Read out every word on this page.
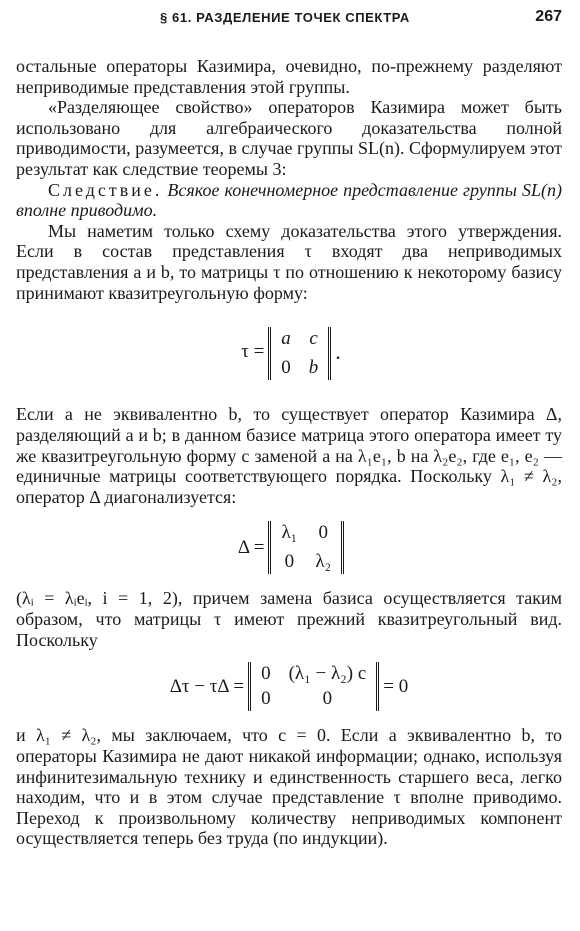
§ 61. РАЗДЕЛЕНИЕ ТОЧЕК СПЕКТРА	267

остальные операторы Казимира, очевидно, по-прежнему разделяют неприводимые представления этой группы.

«Разделяющее свойство» операторов Казимира может быть использовано для алгебраического доказательства полной приводимости, разумеется, в случае группы SL(n). Сформулируем этот результат как следствие теоремы 3:

Следствие. Всякое конечномерное представление группы SL(n) вполне приводимо.

Мы наметим только схему доказательства этого утверждения. Если в состав представления τ входят два неприводимых представления a и b, то матрицы τ по отношению к некоторому базису принимают квазитреугольную форму:

τ =
a c
0 b
.

Если a не эквивалентно b, то существует оператор Казимира Δ, разделяющий a и b; в данном базисе матрица этого оператора имеет ту же квазитреугольную форму с заменой a на λ₁e₁, b на λ₂e₂, где e₁, e₂ — единичные матрицы соответствующего порядка. Поскольку λ₁ ≠ λ₂, оператор Δ диагонализуется:

Δ =
λ₁ 0
0 λ₂

(λᵢ = λᵢeᵢ, i = 1, 2), причем замена базиса осуществляется таким образом, что матрицы τ имеют прежний квазитреугольный вид. Поскольку

Δτ − τΔ =
0 (λ₁ − λ₂) c
0	0
= 0

и λ₁ ≠ λ₂, мы заключаем, что c = 0. Если a эквивалентно b, то операторы Казимира не дают никакой информации; однако, используя инфинитезимальную технику и единственность старшего веса, легко находим, что и в этом случае представление τ вполне приводимо. Переход к произвольному количеству неприводимых компонент осуществляется теперь без труда (по индукции).
